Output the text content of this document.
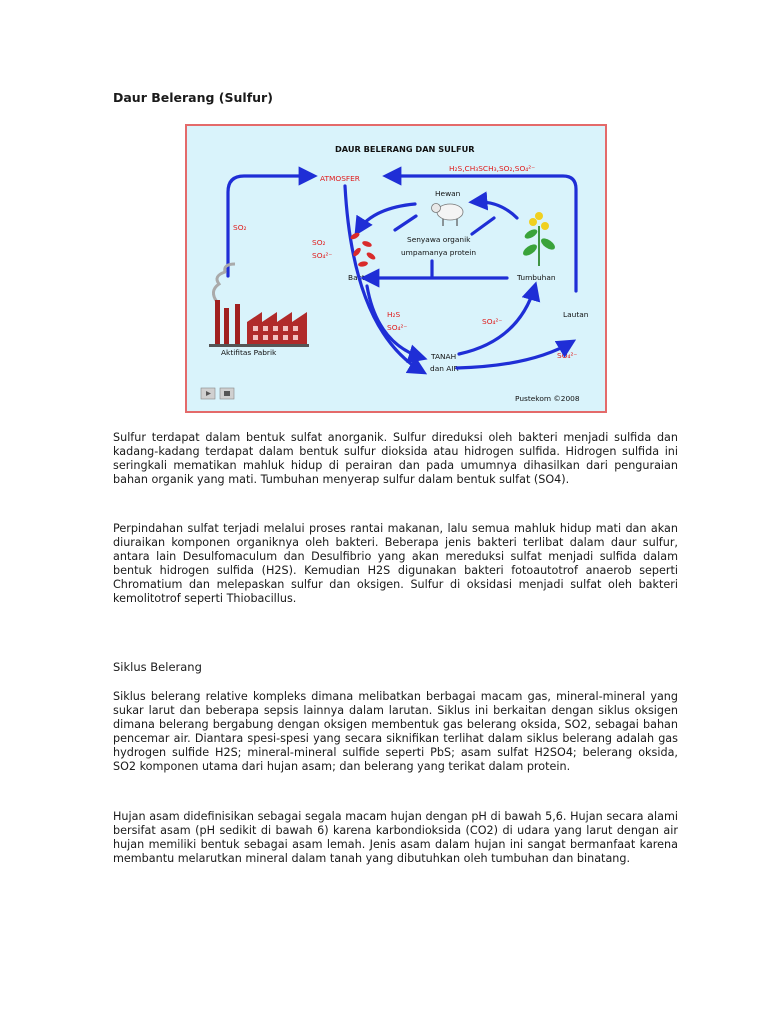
Daur Belerang (Sulfur)
DAUR BELERANG DAN SULFUR
ATMOSFER
H₂S,CH₃SCH₃,SO₂,SO₄²⁻
SO₂
SO₂
SO₄²⁻
Hewan
Senyawa organik
umpamanya protein
Bakteri	Tumbuhan
Lautan
H₂S
SO₄²⁻
SO₄²⁻
SO₄²⁻
TANAH
dan AIR
Aktifitas Pabrik
Pustekom ©2008

Sulfur terdapat dalam bentuk sulfat anorganik. Sulfur direduksi oleh bakteri menjadi sulfida dan kadang-kadang terdapat dalam bentuk sulfur dioksida atau hidrogen sulfida. Hidrogen sulfida ini seringkali mematikan mahluk hidup di perairan dan pada umumnya dihasilkan dari penguraian bahan organik yang mati. Tumbuhan menyerap sulfur dalam bentuk sulfat (SO4).

Perpindahan sulfat terjadi melalui proses rantai makanan, lalu semua mahluk hidup mati dan akan diuraikan komponen organiknya oleh bakteri. Beberapa jenis bakteri terlibat dalam daur sulfur, antara lain Desulfomaculum dan Desulfibrio yang akan mereduksi sulfat menjadi sulfida dalam bentuk hidrogen sulfida (H2S). Kemudian H2S digunakan bakteri fotoautotrof anaerob seperti Chromatium dan melepaskan sulfur dan oksigen. Sulfur di oksidasi menjadi sulfat oleh bakteri kemolitotrof seperti Thiobacillus.

Siklus Belerang

Siklus belerang relative kompleks dimana melibatkan berbagai macam gas, mineral-mineral yang sukar larut dan beberapa sepsis lainnya dalam larutan. Siklus ini berkaitan dengan siklus oksigen dimana belerang bergabung dengan oksigen membentuk gas belerang oksida, SO2, sebagai bahan pencemar air. Diantara spesi-spesi yang secara siknifikan terlihat dalam siklus belerang adalah gas hydrogen sulfide H2S; mineral-mineral sulfide seperti PbS; asam sulfat H2SO4; belerang oksida, SO2 komponen utama dari hujan asam; dan belerang yang terikat dalam protein.

Hujan asam didefinisikan sebagai segala macam hujan dengan pH di bawah 5,6. Hujan secara alami bersifat asam (pH sedikit di bawah 6) karena karbondioksida (CO2) di udara yang larut dengan air hujan memiliki bentuk sebagai asam lemah. Jenis asam dalam hujan ini sangat bermanfaat karena membantu melarutkan mineral dalam tanah yang dibutuhkan oleh tumbuhan dan binatang.
